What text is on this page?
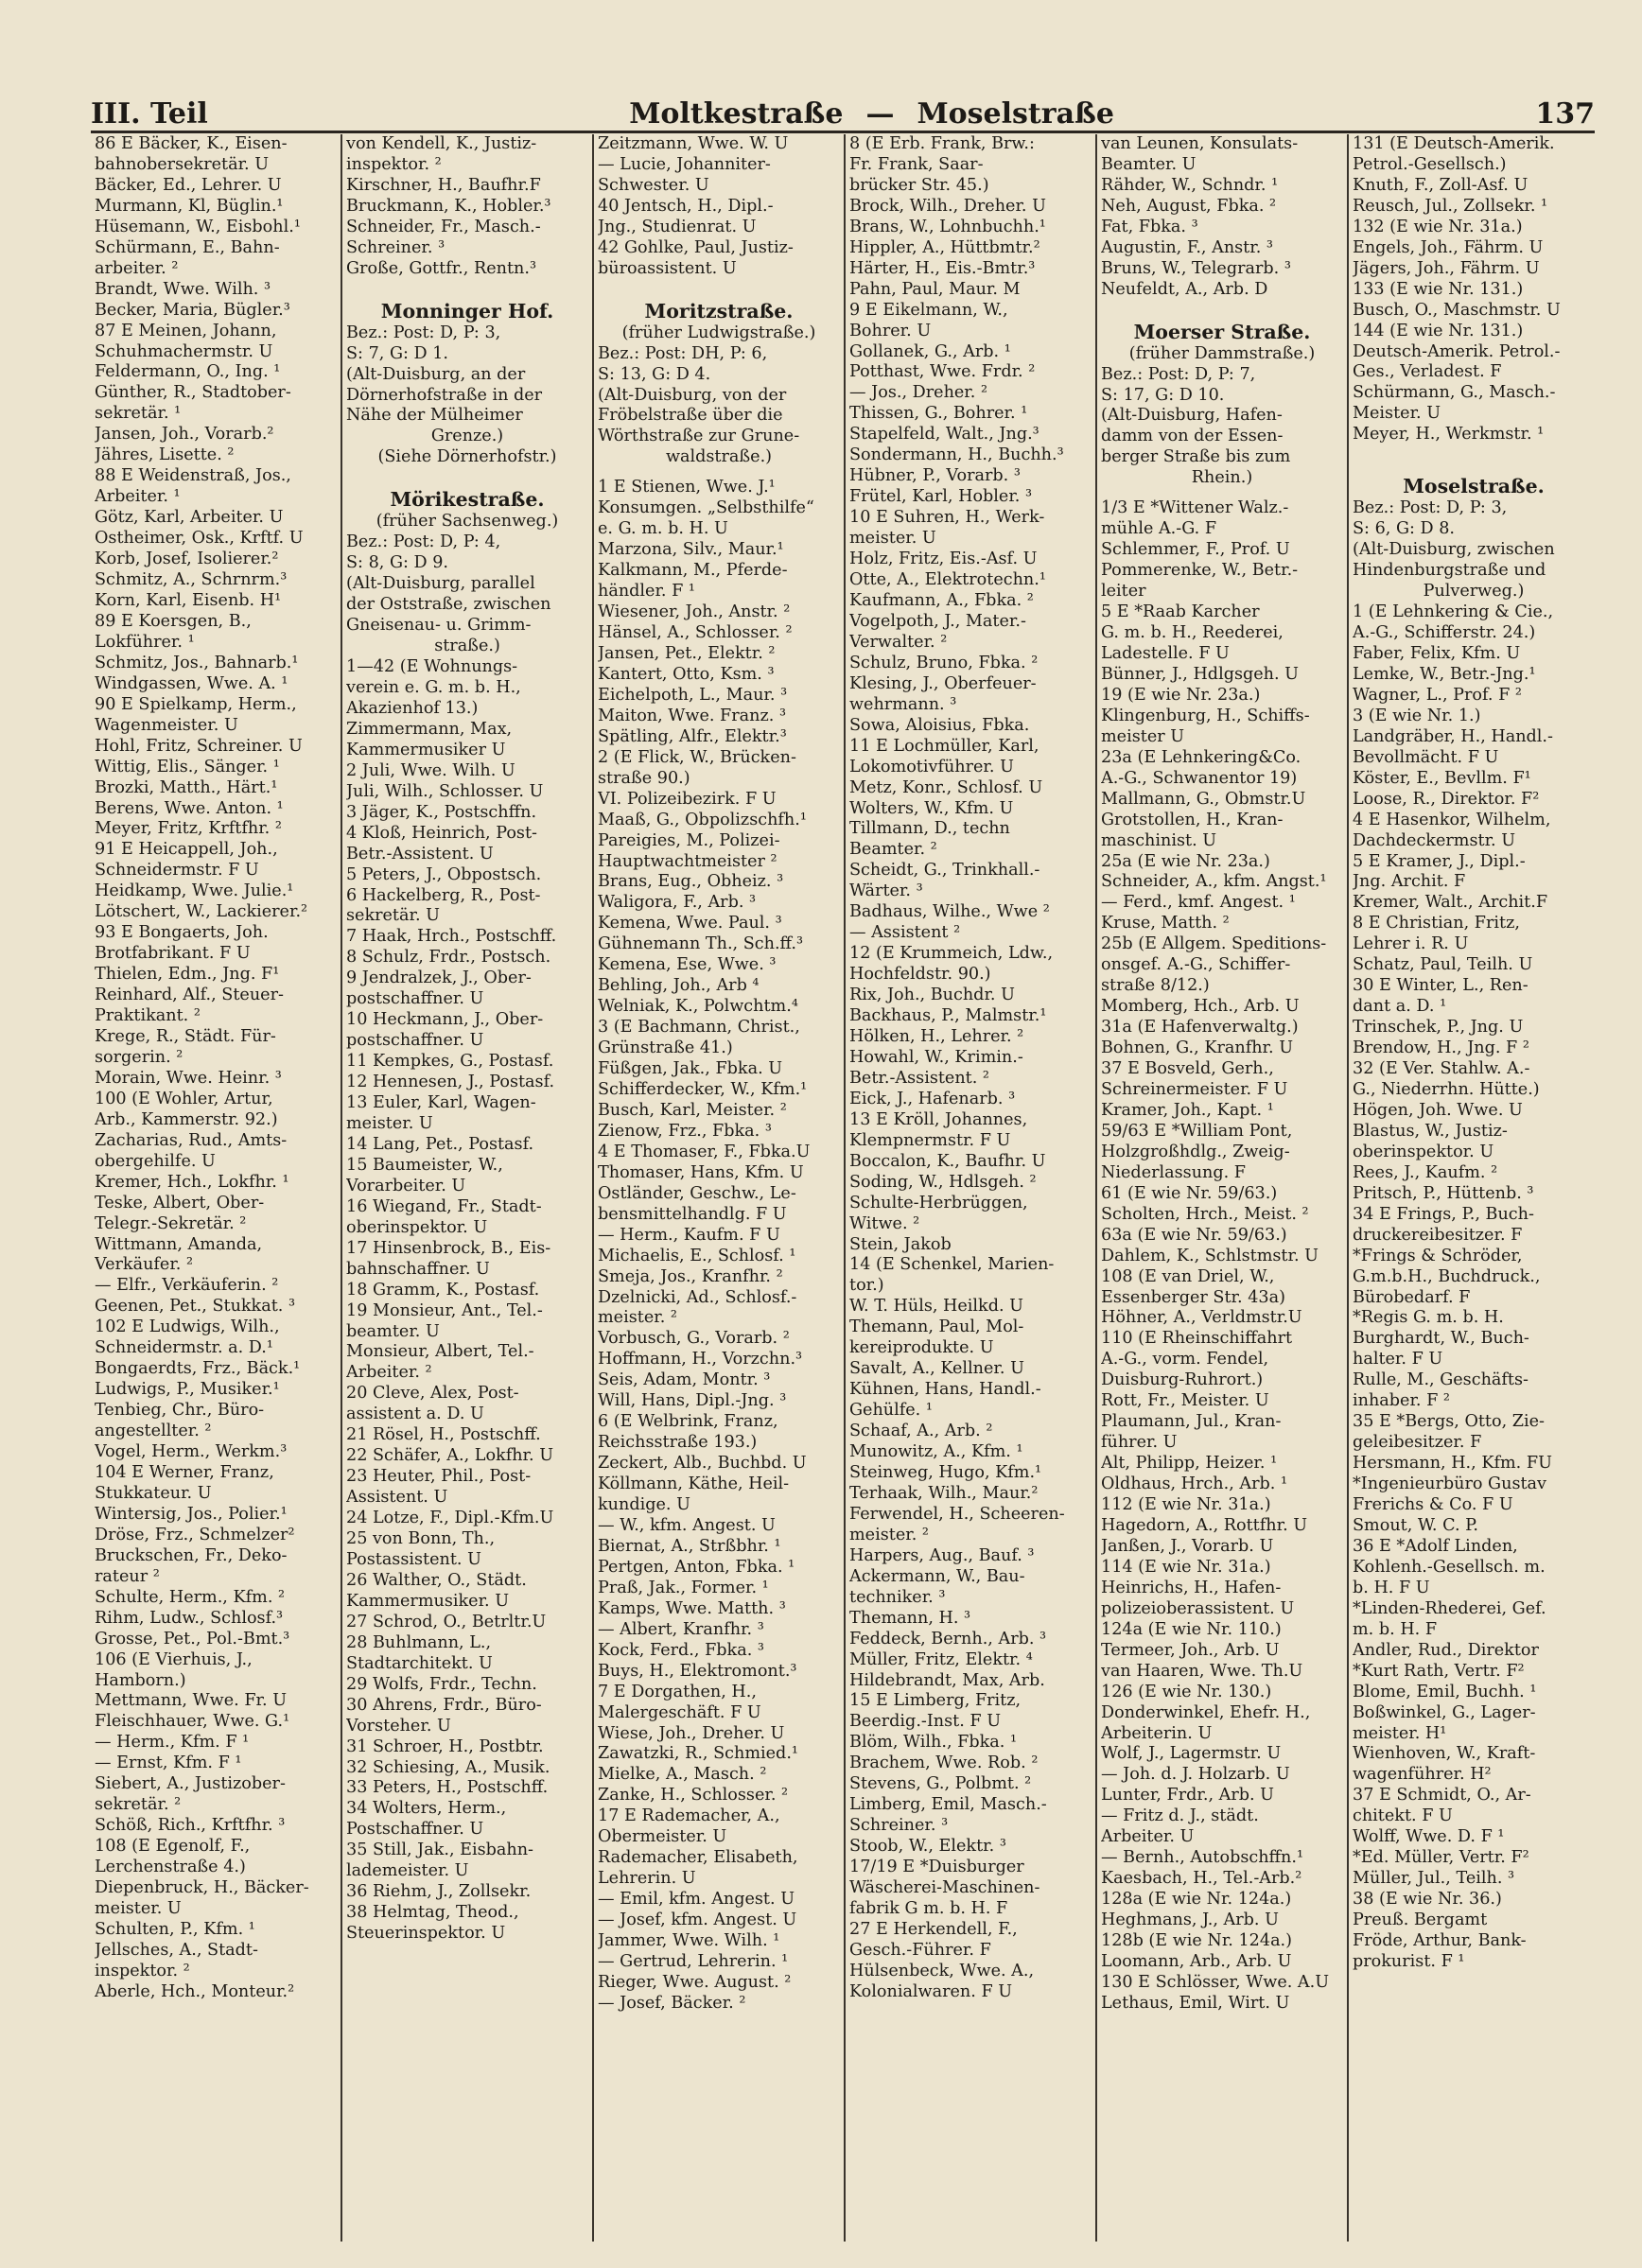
III. Teil	Moltkestraße — Moselstraße	137
86 E Bäcker, K., Eisen-
bahnobersekretär. U
Bäcker, Ed., Lehrer. U
Murmann, Kl, Büglin.¹
Hüsemann, W., Eisbohl.¹
Schürmann, E., Bahn-
arbeiter. ²
Brandt, Wwe. Wilh. ³
Becker, Maria, Bügler.³
87 E Meinen, Johann,
Schuhmachermstr. U
Feldermann, O., Ing. ¹
Günther, R., Stadtober-
sekretär. ¹
Jansen, Joh., Vorarb.²
Jähres, Lisette. ²
88 E Weidenstraß, Jos.,
Arbeiter. ¹
Götz, Karl, Arbeiter. U
Ostheimer, Osk., Krftf. U
Korb, Josef, Isolierer.²
Schmitz, A., Schrnrm.³
Korn, Karl, Eisenb. H¹
89 E Koersgen, B.,
Lokführer. ¹
Schmitz, Jos., Bahnarb.¹
Windgassen, Wwe. A. ¹
90 E Spielkamp, Herm.,
Wagenmeister. U
Hohl, Fritz, Schreiner. U
Wittig, Elis., Sänger. ¹
Brozki, Matth., Härt.¹
Berens, Wwe. Anton. ¹
Meyer, Fritz, Krftfhr. ²
91 E Heicappell, Joh.,
Schneidermstr. F U
Heidkamp, Wwe. Julie.¹
Lötschert, W., Lackierer.²
93 E Bongaerts, Joh.
Brotfabrikant. F U
Thielen, Edm., Jng. F¹
Reinhard, Alf., Steuer-
Praktikant. ²
Krege, R., Städt. Für-
sorgerin. ²
Morain, Wwe. Heinr. ³
100 (E Wohler, Artur,
Arb., Kammerstr. 92.)
Zacharias, Rud., Amts-
obergehilfe. U
Kremer, Hch., Lokfhr. ¹
Teske, Albert, Ober-
Telegr.-Sekretär. ²
Wittmann, Amanda,
Verkäufer. ²
— Elfr., Verkäuferin. ²
Geenen, Pet., Stukkat. ³
102 E Ludwigs, Wilh.,
Schneidermstr. a. D.¹
Bongaerdts, Frz., Bäck.¹
Ludwigs, P., Musiker.¹
Tenbieg, Chr., Büro-
angestellter. ²
Vogel, Herm., Werkm.³
104 E Werner, Franz,
Stukkateur. U
Wintersig, Jos., Polier.¹
Dröse, Frz., Schmelzer²
Bruckschen, Fr., Deko-
rateur ²
Schulte, Herm., Kfm. ²
Rihm, Ludw., Schlosf.³
Grosse, Pet., Pol.-Bmt.³
106 (E Vierhuis, J.,
Hamborn.)
Mettmann, Wwe. Fr. U
Fleischhauer, Wwe. G.¹
— Herm., Kfm. F ¹
— Ernst, Kfm. F ¹
Siebert, A., Justizober-
sekretär. ²
Schöß, Rich., Krftfhr. ³
108 (E Egenolf, F.,
Lerchenstraße 4.)
Diepenbruck, H., Bäcker-
meister. U
Schulten, P., Kfm. ¹
Jellsches, A., Stadt-
inspektor. ²
Aberle, Hch., Monteur.²
von Kendell, K., Justiz-
inspektor. ²
Kirschner, H., Baufhr.F
Bruckmann, K., Hobler.³
Schneider, Fr., Masch.-
Schreiner. ³
Große, Gottfr., Rentn.³
Monninger Hof.
Bez.: Post: D, P: 3,
S: 7, G: D 1.
(Alt-Duisburg, an der
Dörnerhofstraße in der
Nähe der Mülheimer
Grenze.)
(Siehe Dörnerhofstr.)
Mörikestraße.
(früher Sachsenweg.)
Bez.: Post: D, P: 4,
S: 8, G: D 9.
(Alt-Duisburg, parallel
der Oststraße, zwischen
Gneisenau- u. Grimm-
straße.)
1—42 (E Wohnungs-
verein e. G. m. b. H.,
Akazienhof 13.)
Zimmermann, Max,
Kammermusiker U
2 Juli, Wwe. Wilh. U
Juli, Wilh., Schlosser. U
3 Jäger, K., Postschffn.
4 Kloß, Heinrich, Post-
Betr.-Assistent. U
5 Peters, J., Obpostsch.
6 Hackelberg, R., Post-
sekretär. U
7 Haak, Hrch., Postschff.
8 Schulz, Frdr., Postsch.
9 Jendralzek, J., Ober-
postschaffner. U
10 Heckmann, J., Ober-
postschaffner. U
11 Kempkes, G., Postasf.
12 Hennesen, J., Postasf.
13 Euler, Karl, Wagen-
meister. U
14 Lang, Pet., Postasf.
15 Baumeister, W.,
Vorarbeiter. U
16 Wiegand, Fr., Stadt-
oberinspektor. U
17 Hinsenbrock, B., Eis-
bahnschaffner. U
18 Gramm, K., Postasf.
19 Monsieur, Ant., Tel.-
beamter. U
Monsieur, Albert, Tel.-
Arbeiter. ²
20 Cleve, Alex, Post-
assistent a. D. U
21 Rösel, H., Postschff.
22 Schäfer, A., Lokfhr. U
23 Heuter, Phil., Post-
Assistent. U
24 Lotze, F., Dipl.-Kfm.U
25 von Bonn, Th.,
Postassistent. U
26 Walther, O., Städt.
Kammermusiker. U
27 Schrod, O., Betrltr.U
28 Buhlmann, L.,
Stadtarchitekt. U
29 Wolfs, Frdr., Techn.
30 Ahrens, Frdr., Büro-
Vorsteher. U
31 Schroer, H., Postbtr.
32 Schiesing, A., Musik.
33 Peters, H., Postschff.
34 Wolters, Herm.,
Postschaffner. U
35 Still, Jak., Eisbahn-
lademeister. U
36 Riehm, J., Zollsekr.
38 Helmtag, Theod.,
Steuerinspektor. U
Zeitzmann, Wwe. W. U
— Lucie, Johanniter-
Schwester. U
40 Jentsch, H., Dipl.-
Jng., Studienrat. U
42 Gohlke, Paul, Justiz-
büroassistent. U
Moritzstraße.
(früher Ludwigstraße.)
Bez.: Post: DH, P: 6,
S: 13, G: D 4.
(Alt-Duisburg, von der
Fröbelstraße über die
Wörthstraße zur Grune-
waldstraße.)
1 E Stienen, Wwe. J.¹
Konsumgen. „Selbsthilfe“
e. G. m. b. H. U
Marzona, Silv., Maur.¹
Kalkmann, M., Pferde-
händler. F ¹
Wiesener, Joh., Anstr. ²
Hänsel, A., Schlosser. ²
Jansen, Pet., Elektr. ²
Kantert, Otto, Ksm. ³
Eichelpoth, L., Maur. ³
Maiton, Wwe. Franz. ³
Spätling, Alfr., Elektr.³
2 (E Flick, W., Brücken-
straße 90.)
VI. Polizeibezirk. F U
Maaß, G., Obpolizschfh.¹
Pareigies, M., Polizei-
Hauptwachtmeister ²
Brans, Eug., Obheiz. ³
Waligora, F., Arb. ³
Kemena, Wwe. Paul. ³
Gühnemann Th., Sch.ff.³
Kemena, Ese, Wwe. ³
Behling, Joh., Arb ⁴
Welniak, K., Polwchtm.⁴
3 (E Bachmann, Christ.,
Grünstraße 41.)
Füßgen, Jak., Fbka. U
Schifferdecker, W., Kfm.¹
Busch, Karl, Meister. ²
Zienow, Frz., Fbka. ³
4 E Thomaser, F., Fbka.U
Thomaser, Hans, Kfm. U
Ostländer, Geschw., Le-
bensmittelhandlg. F U
— Herm., Kaufm. F U
Michaelis, E., Schlosf. ¹
Smeja, Jos., Kranfhr. ²
Dzelnicki, Ad., Schlosf.-
meister. ²
Vorbusch, G., Vorarb. ²
Hoffmann, H., Vorzchn.³
Seis, Adam, Montr. ³
Will, Hans, Dipl.-Jng. ³
6 (E Welbrink, Franz,
Reichsstraße 193.)
Zeckert, Alb., Buchbd. U
Köllmann, Käthe, Heil-
kundige. U
— W., kfm. Angest. U
Biernat, A., Strßbhr. ¹
Pertgen, Anton, Fbka. ¹
Praß, Jak., Former. ¹
Kamps, Wwe. Matth. ³
— Albert, Kranfhr. ³
Kock, Ferd., Fbka. ³
Buys, H., Elektromont.³
7 E Dorgathen, H.,
Malergeschäft. F U
Wiese, Joh., Dreher. U
Zawatzki, R., Schmied.¹
Mielke, A., Masch. ²
Zanke, H., Schlosser. ²
17 E Rademacher, A.,
Obermeister. U
Rademacher, Elisabeth,
Lehrerin. U
— Emil, kfm. Angest. U
— Josef, kfm. Angest. U
Jammer, Wwe. Wilh. ¹
— Gertrud, Lehrerin. ¹
Rieger, Wwe. August. ²
— Josef, Bäcker. ²
8 (E Erb. Frank, Brw.:
Fr. Frank, Saar-
brücker Str. 45.)
Brock, Wilh., Dreher. U
Brans, W., Lohnbuchh.¹
Hippler, A., Hüttbmtr.²
Härter, H., Eis.-Bmtr.³
Pahn, Paul, Maur. M
9 E Eikelmann, W.,
Bohrer. U
Gollanek, G., Arb. ¹
Potthast, Wwe. Frdr. ²
— Jos., Dreher. ²
Thissen, G., Bohrer. ¹
Stapelfeld, Walt., Jng.³
Sondermann, H., Buchh.³
Hübner, P., Vorarb. ³
Frütel, Karl, Hobler. ³
10 E Suhren, H., Werk-
meister. U
Holz, Fritz, Eis.-Asf. U
Otte, A., Elektrotechn.¹
Kaufmann, A., Fbka. ²
Vogelpoth, J., Mater.-
Verwalter. ²
Schulz, Bruno, Fbka. ²
Klesing, J., Oberfeuer-
wehrmann. ³
Sowa, Aloisius, Fbka.
11 E Lochmüller, Karl,
Lokomotivführer. U
Metz, Konr., Schlosf. U
Wolters, W., Kfm. U
Tillmann, D., techn
Beamter. ²
Scheidt, G., Trinkhall.-
Wärter. ³
Badhaus, Wilhe., Wwe ²
— Assistent ²
12 (E Krummeich, Ldw.,
Hochfeldstr. 90.)
Rix, Joh., Buchdr. U
Backhaus, P., Malmstr.¹
Hölken, H., Lehrer. ²
Howahl, W., Krimin.-
Betr.-Assistent. ²
Eick, J., Hafenarb. ³
13 E Kröll, Johannes,
Klempnermstr. F U
Boccalon, K., Baufhr. U
Soding, W., Hdlsgeh. ²
Schulte-Herbrüggen,
Witwe. ²
Stein, Jakob
14 (E Schenkel, Marien-
tor.)
W. T. Hüls, Heilkd. U
Themann, Paul, Mol-
kereiprodukte. U
Savalt, A., Kellner. U
Kühnen, Hans, Handl.-
Gehülfe. ¹
Schaaf, A., Arb. ²
Munowitz, A., Kfm. ¹
Steinweg, Hugo, Kfm.¹
Terhaak, Wilh., Maur.²
Ferwendel, H., Scheeren-
meister. ²
Harpers, Aug., Bauf. ³
Ackermann, W., Bau-
techniker. ³
Themann, H. ³
Feddeck, Bernh., Arb. ³
Müller, Fritz, Elektr. ⁴
Hildebrandt, Max, Arb.
15 E Limberg, Fritz,
Beerdig.-Inst. F U
Blöm, Wilh., Fbka. ¹
Brachem, Wwe. Rob. ²
Stevens, G., Polbmt. ²
Limberg, Emil, Masch.-
Schreiner. ³
Stoob, W., Elektr. ³
17/19 E *Duisburger
Wäscherei-Maschinen-
fabrik G m. b. H. F
27 E Herkendell, F.,
Gesch.-Führer. F
Hülsenbeck, Wwe. A.,
Kolonialwaren. F U
van Leunen, Konsulats-
Beamter. U
Rähder, W., Schndr. ¹
Neh, August, Fbka. ²
Fat, Fbka. ³
Augustin, F., Anstr. ³
Bruns, W., Telegrarb. ³
Neufeldt, A., Arb. D
Moerser Straße.
(früher Dammstraße.)
Bez.: Post: D, P: 7,
S: 17, G: D 10.
(Alt-Duisburg, Hafen-
damm von der Essen-
berger Straße bis zum
Rhein.)
1/3 E *Wittener Walz.-
mühle A.-G. F
Schlemmer, F., Prof. U
Pommerenke, W., Betr.-
leiter
5 E *Raab Karcher
G. m. b. H., Reederei,
Ladestelle. F U
Bünner, J., Hdlgsgeh. U
19 (E wie Nr. 23a.)
Klingenburg, H., Schiffs-
meister U
23a (E Lehnkering&Co.
A.-G., Schwanentor 19)
Mallmann, G., Obmstr.U
Grotstollen, H., Kran-
maschinist. U
25a (E wie Nr. 23a.)
Schneider, A., kfm. Angst.¹
— Ferd., kmf. Angest. ¹
Kruse, Matth. ²
25b (E Allgem. Speditions-
onsgef. A.-G., Schiffer-
straße 8/12.)
Momberg, Hch., Arb. U
31a (E Hafenverwaltg.)
Bohnen, G., Kranfhr. U
37 E Bosveld, Gerh.,
Schreinermeister. F U
Kramer, Joh., Kapt. ¹
59/63 E *William Pont,
Holzgroßhdlg., Zweig-
Niederlassung. F
61 (E wie Nr. 59/63.)
Scholten, Hrch., Meist. ²
63a (E wie Nr. 59/63.)
Dahlem, K., Schlstmstr. U
108 (E van Driel, W.,
Essenberger Str. 43a)
Höhner, A., Verldmstr.U
110 (E Rheinschiffahrt
A.-G., vorm. Fendel,
Duisburg-Ruhrort.)
Rott, Fr., Meister. U
Plaumann, Jul., Kran-
führer. U
Alt, Philipp, Heizer. ¹
Oldhaus, Hrch., Arb. ¹
112 (E wie Nr. 31a.)
Hagedorn, A., Rottfhr. U
Janßen, J., Vorarb. U
114 (E wie Nr. 31a.)
Heinrichs, H., Hafen-
polizeioberassistent. U
124a (E wie Nr. 110.)
Termeer, Joh., Arb. U
van Haaren, Wwe. Th.U
126 (E wie Nr. 130.)
Donderwinkel, Ehefr. H.,
Arbeiterin. U
Wolf, J., Lagermstr. U
— Joh. d. J. Holzarb. U
Lunter, Frdr., Arb. U
— Fritz d. J., städt.
Arbeiter. U
— Bernh., Autobschffn.¹
Kaesbach, H., Tel.-Arb.²
128a (E wie Nr. 124a.)
Heghmans, J., Arb. U
128b (E wie Nr. 124a.)
Loomann, Arb., Arb. U
130 E Schlösser, Wwe. A.U
Lethaus, Emil, Wirt. U
131 (E Deutsch-Amerik.
Petrol.-Gesellsch.)
Knuth, F., Zoll-Asf. U
Reusch, Jul., Zollsekr. ¹
132 (E wie Nr. 31a.)
Engels, Joh., Fährm. U
Jägers, Joh., Fährm. U
133 (E wie Nr. 131.)
Busch, O., Maschmstr. U
144 (E wie Nr. 131.)
Deutsch-Amerik. Petrol.-
Ges., Verladest. F
Schürmann, G., Masch.-
Meister. U
Meyer, H., Werkmstr. ¹
Moselstraße.
Bez.: Post: D, P: 3,
S: 6, G: D 8.
(Alt-Duisburg, zwischen
Hindenburgstraße und
Pulverweg.)
1 (E Lehnkering & Cie.,
A.-G., Schifferstr. 24.)
Faber, Felix, Kfm. U
Lemke, W., Betr.-Jng.¹
Wagner, L., Prof. F ²
3 (E wie Nr. 1.)
Landgräber, H., Handl.-
Bevollmächt. F U
Köster, E., Bevllm. F¹
Loose, R., Direktor. F²
4 E Hasenkor, Wilhelm,
Dachdeckermstr. U
5 E Kramer, J., Dipl.-
Jng. Archit. F
Kremer, Walt., Archit.F
8 E Christian, Fritz,
Lehrer i. R. U
Schatz, Paul, Teilh. U
30 E Winter, L., Ren-
dant a. D. ¹
Trinschek, P., Jng. U
Brendow, H., Jng. F ²
32 (E Ver. Stahlw. A.-
G., Niederrhn. Hütte.)
Högen, Joh. Wwe. U
Blastus, W., Justiz-
oberinspektor. U
Rees, J., Kaufm. ²
Pritsch, P., Hüttenb. ³
34 E Frings, P., Buch-
druckereibesitzer. F
*Frings & Schröder,
G.m.b.H., Buchdruck.,
Bürobedarf. F
*Regis G. m. b. H.
Burghardt, W., Buch-
halter. F U
Rulle, M., Geschäfts-
inhaber. F ²
35 E *Bergs, Otto, Zie-
geleibesitzer. F
Hersmann, H., Kfm. FU
*Ingenieurbüro Gustav
Frerichs & Co. F U
Smout, W. C. P.
36 E *Adolf Linden,
Kohlenh.-Gesellsch. m.
b. H. F U
*Linden-Rhederei, Gef.
m. b. H. F
Andler, Rud., Direktor
*Kurt Rath, Vertr. F²
Blome, Emil, Buchh. ¹
Boßwinkel, G., Lager-
meister. H¹
Wienhoven, W., Kraft-
wagenführer. H²
37 E Schmidt, O., Ar-
chitekt. F U
Wolff, Wwe. D. F ¹
*Ed. Müller, Vertr. F²
Müller, Jul., Teilh. ³
38 (E wie Nr. 36.)
Preuß. Bergamt
Fröde, Arthur, Bank-
prokurist. F ¹
